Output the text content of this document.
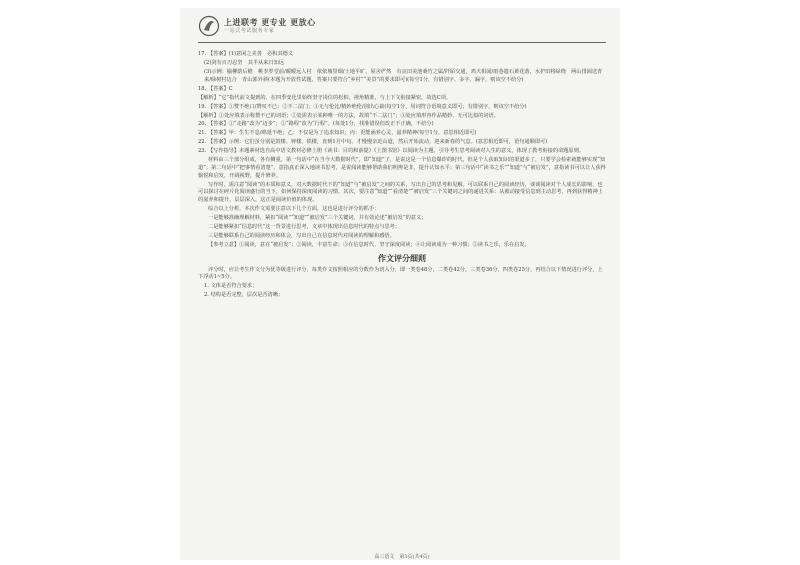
上进联考 更专业 更放心
一站式考试服务专家
17. 【答案】(1)意闲之美善　必积其德义
(2)剑有百刃忍坚　其半从来日知远
(3)示例：榆柳荫后檐　桃李罗堂前/暧暧远人村　依依墟里烟/土地平旷，屋舍俨然　有良田美池桑竹之属/阡陌交通，鸡犬相闻/雨巷遗石黄花落，水护田将绿绕　两山排闼送青来/绿树村边合　青山郭外斜(本题为开放性试题，答案只要符合“乡村”“美景”的要求即可)(每空1分，有错别字、多字、漏字，则该空不给分)
18. 【答案】C
【解析】“它”指代前文提到的、在四季变化里始终坚守岗位的松柏，视角精准，与上下文衔接紧密，故选C项。
19. 【答案】①赞不绝口/赞叹不已；②不二法门；③无与伦比/精妙绝伦/别出心裁(每空1分，用词符合语境意义即可；有错别字，则该空不给分)
【解析】①处应填表示称赞不已的词语；②处需表示某种唯一的方法，故填“不二法门”；③处应填形容作品精妙、无可比拟的词语。
20. 【答案】①“走路”改为“迈步”；②“路程”改为“行程”。(每处1分，找准错误但改正不正确，不给分)
21. 【答案】甲：生生不息/绵延不绝；乙：不仅是为了追求知识；丙：更能涵养心灵、滋养精神(每空1分，意思相近即可)
22. 【答案】示例：它们虽分别是鼓楼、钟楼、铁楼，直到1月中旬，才慢慢亲近山道，然后开始流动，迎来新春的气息。(意思相近即可，语句通顺即可)
23. 【写作指导】本题素材选自高中语文教材必修上册《读书：目的和前提》《上图书馆》以阅读为主题，引导考生思考阅读对人生的意义，体现了教考衔接的命题原则。
材料由三个部分组成，各有侧重。第一句话中“在当今大数据时代”，即“知道”了，是说这是一个信息爆炸的时代，但是个人获取知识的渠道多了，只要学会检索就能够实现“知道”；第二句话中“把事情看清楚”，意指真正深入地读书思考，是说阅读能够帮助我们明辨是非，提升认知水平；第三句话中“读书之乐”“知道”与“被启发”，意指读书可以让人获得愉悦和启发，开阔视野，提升修养。
写作时，需注意“阅读”的本质和意义，对大数据时代下的“知道”与“被启发”之间的关系，写出自己的思考和见解。可以联系自己的阅读经历，谈谈阅读对个人成长的影响，也可以探讨在碎片化阅读盛行的当下，如何保持深度阅读的习惯。其次，要注意“知道”“看清楚”“被启发”三个关键词之间的递进关系：从被动接受信息到主动思考，再到获得精神上的滋养和提升，层层深入，这正是阅读价值的体现。
综合以上分析，本次作文需要注意以下几个方面，这也是进行评分的抓手：
一是能够准确理解材料，紧扣“阅读”“知道”“被启发”三个关键词，并有效论述“被启发”的意义；
二是能够紧扣“信息时代”这一背景进行思考，文章中体现出信息时代的特点与思考；
三是能够联系自己的阅读经历和体会，写出自己在信息时代对阅读的理解和感悟。
【参考立意】①阅读，意在“被启发”；②阅读，丰富生命；③在信息时代，坚守深度阅读；④让阅读成为一种习惯；⑤读书之乐，乐在启发。
作文评分细则
评分时，应让考生作文分为优等级进行评分，每类作文按照相应的分数作为切入分，即一类卷48分，二类卷42分，三类卷36分，四类卷25分，再结合以下情况进行评分，上下浮动1~5分。
1. 文体是否符合要求；
2. 结构是否完整，层次是否清晰；
高三语文　第3页(共4页)
